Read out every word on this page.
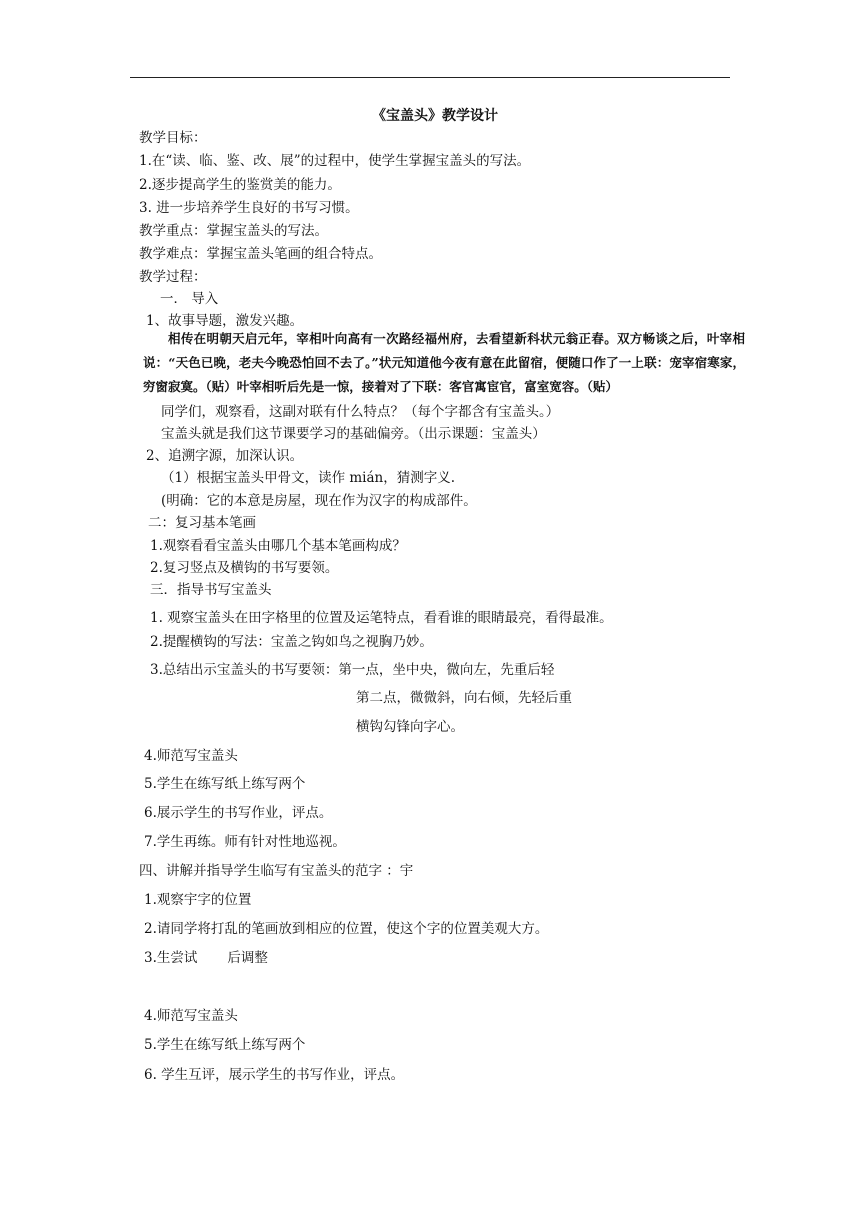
《宝盖头》教学设计
教学目标：
1.在“读、临、鉴、改、展”的过程中，使学生掌握宝盖头的写法。
2.逐步提高学生的鉴赏美的能力。
3. 进一步培养学生良好的书写习惯。
教学重点：掌握宝盖头的写法。
教学难点：掌握宝盖头笔画的组合特点。
教学过程：
一． 导入
1、故事导题，激发兴趣。
相传在明朝天启元年，宰相叶向高有一次路经福州府，去看望新科状元翁正春。双方畅谈之后，叶宰相说：“天色已晚，老夫今晚恐怕回不去了。”状元知道他今夜有意在此留宿，便随口作了一上联：宠宰宿寒家，穷窗寂寞。（贴）叶宰相听后先是一惊，接着对了下联：客官寓宦官，富室宽容。（贴）
同学们，观察看，这副对联有什么特点？（每个字都含有宝盖头。）
宝盖头就是我们这节课要学习的基础偏旁。（出示课题：宝盖头）
2、追溯字源，加深认识。
（1）根据宝盖头甲骨文，读作 mián，猜测字义.
(明确：它的本意是房屋，现在作为汉字的构成部件。
二：复习基本笔画
1.观察看看宝盖头由哪几个基本笔画构成？
2.复习竖点及横钩的书写要领。
三．指导书写宝盖头
1. 观察宝盖头在田字格里的位置及运笔特点，看看谁的眼睛最亮，看得最准。
2.提醒横钩的写法：宝盖之钩如鸟之视胸乃妙。
3.总结出示宝盖头的书写要领：第一点，坐中央，微向左，先重后轻
第二点，微微斜，向右倾，先轻后重
横钩勾锋向字心。
4.师范写宝盖头
5.学生在练写纸上练写两个
6.展示学生的书写作业，评点。
7.学生再练。师有针对性地巡视。
四、讲解并指导学生临写有宝盖头的范字 ：宇
1.观察宇字的位置
2.请同学将打乱的笔画放到相应的位置，使这个字的位置美观大方。
3.生尝试       后调整
4.师范写宝盖头
5.学生在练写纸上练写两个
6. 学生互评，展示学生的书写作业，评点。
